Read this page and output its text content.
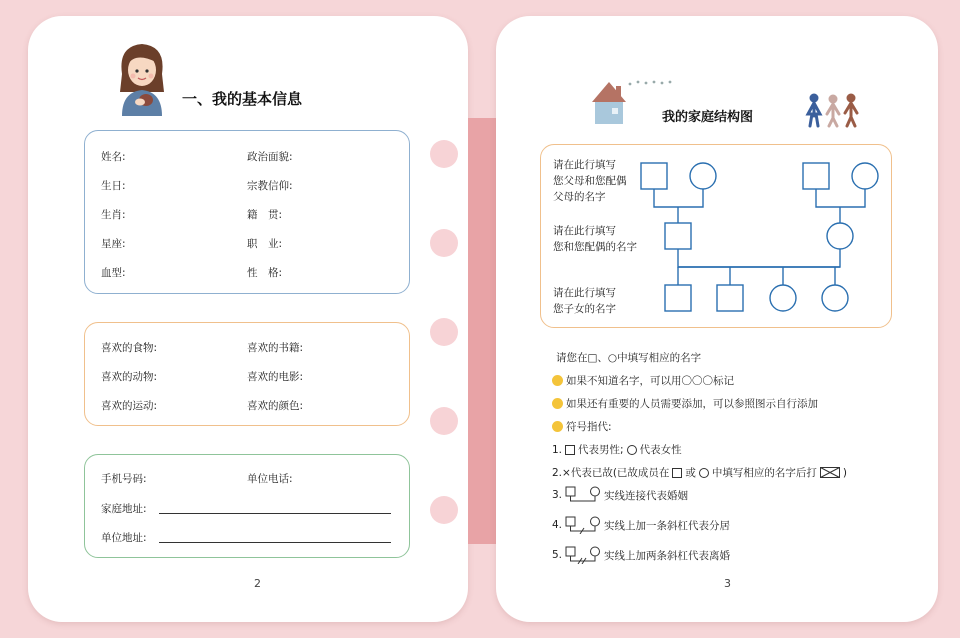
一、我的基本信息
姓名:	政治面貌:
生日:	宗教信仰:
生肖:	籍　贯:
星座:	职　业:
血型:	性　格:
喜欢的食物:	喜欢的书籍:
喜欢的动物:	喜欢的电影:
喜欢的运动:	喜欢的颜色:
手机号码:	单位电话:
家庭地址:
单位地址:
2
我的家庭结构图
请在此行填写
您父母和您配偶
父母的名字
请在此行填写
您和您配偶的名字
请在此行填写
您子女的名字
请您在□、○中填写相应的名字
如果不知道名字，可以用〇〇〇标记
如果还有重要的人员需要添加，可以参照图示自行添加
符号指代:
1. 代表男性; 代表女性
2.×代表已故(已故成员在 或 中填写相应的名字后打 ☒ )
3.	实线连接代表婚姻
4.	实线上加一条斜杠代表分居
5.	实线上加两条斜杠代表离婚
3
